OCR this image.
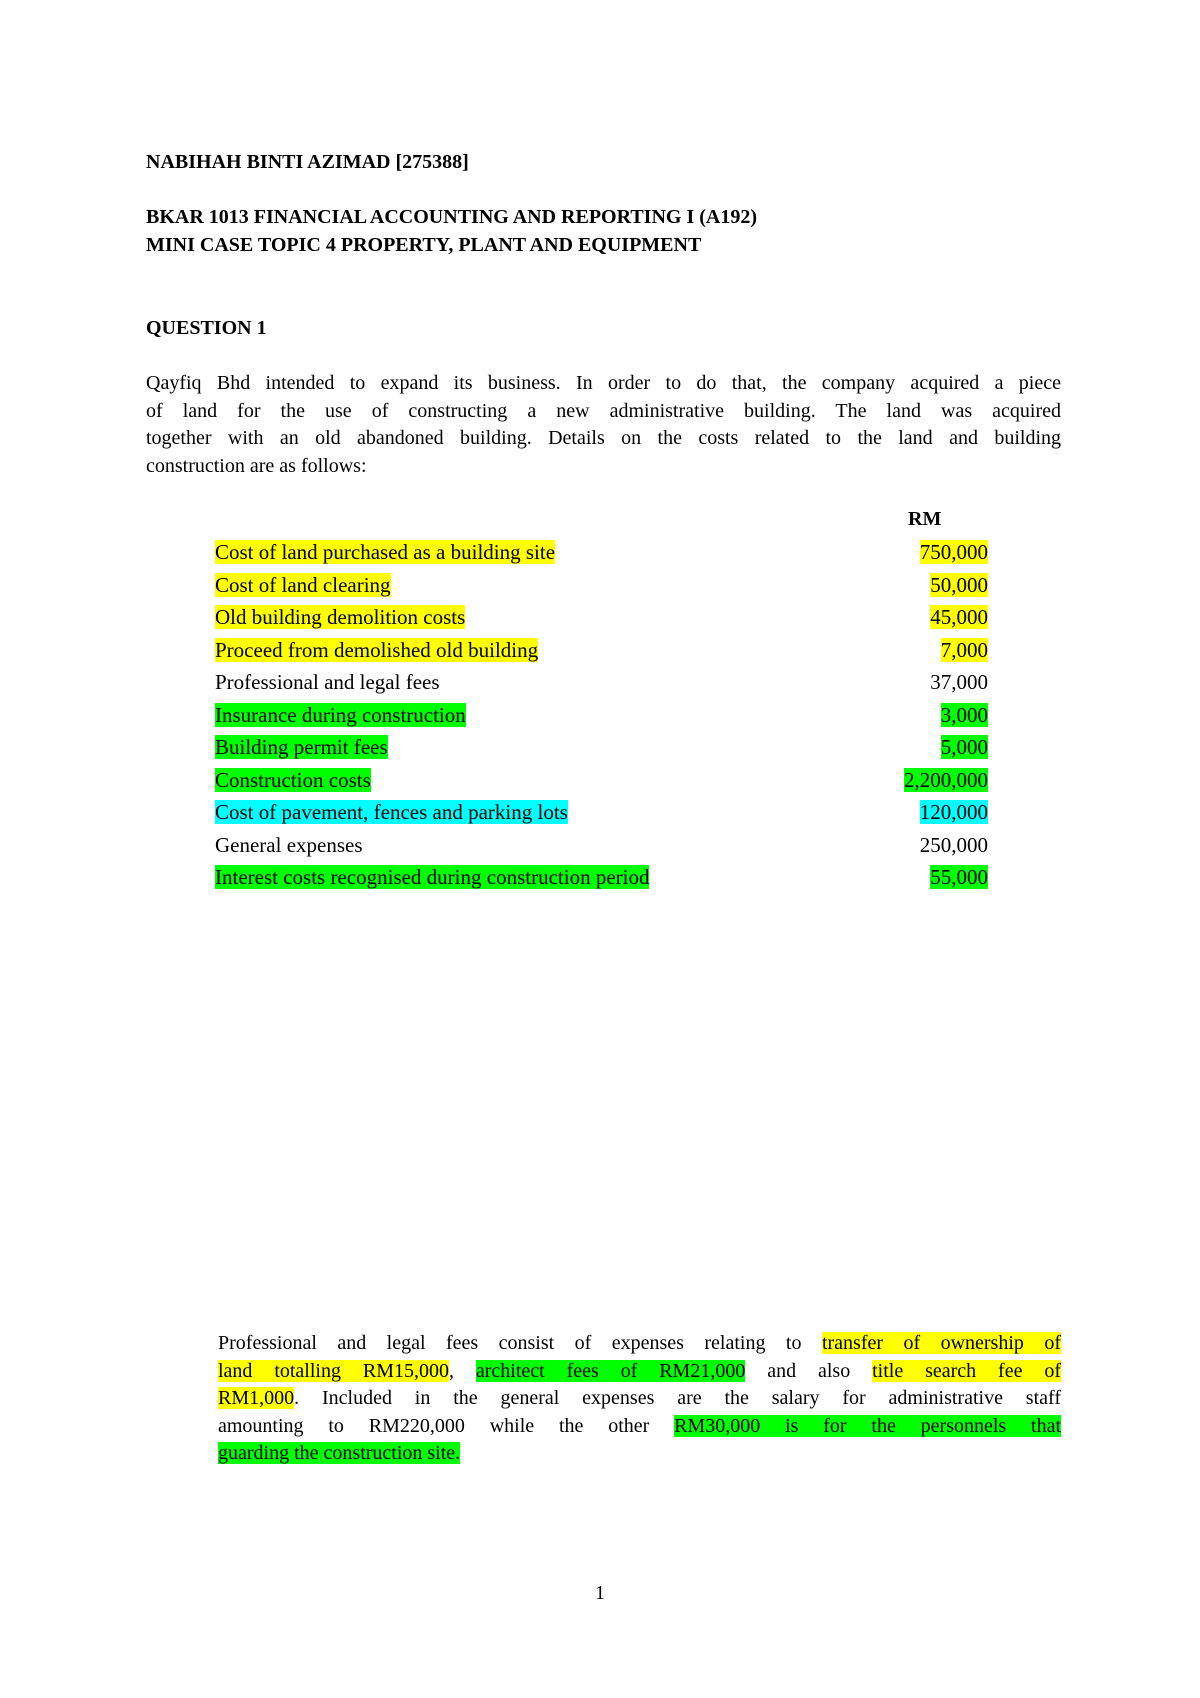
NABIHAH BINTI AZIMAD [275388]
BKAR 1013 FINANCIAL ACCOUNTING AND REPORTING I (A192)
MINI CASE TOPIC 4 PROPERTY, PLANT AND EQUIPMENT
QUESTION 1
Qayfiq Bhd intended to expand its business. In order to do that, the company acquired a piece
of land for the use of constructing a new administrative building. The land was acquired
together with an old abandoned building. Details on the costs related to the land and building
construction are as follows:
RM
Cost of land purchased as a building site	750,000
Cost of land clearing	50,000
Old building demolition costs	45,000
Proceed from demolished old building	7,000
Professional and legal fees	37,000
Insurance during construction	3,000
Building permit fees	5,000
Construction costs	2,200,000
Cost of pavement, fences and parking lots	120,000
General expenses	250,000
Interest costs recognised during construction period	55,000
Professional and legal fees consist of expenses relating to transfer of ownership of
land totalling RM15,000, architect fees of RM21,000 and also title search fee of
RM1,000. Included in the general expenses are the salary for administrative staff
amounting to RM220,000 while the other RM30,000 is for the personnels that
guarding the construction site.
1
